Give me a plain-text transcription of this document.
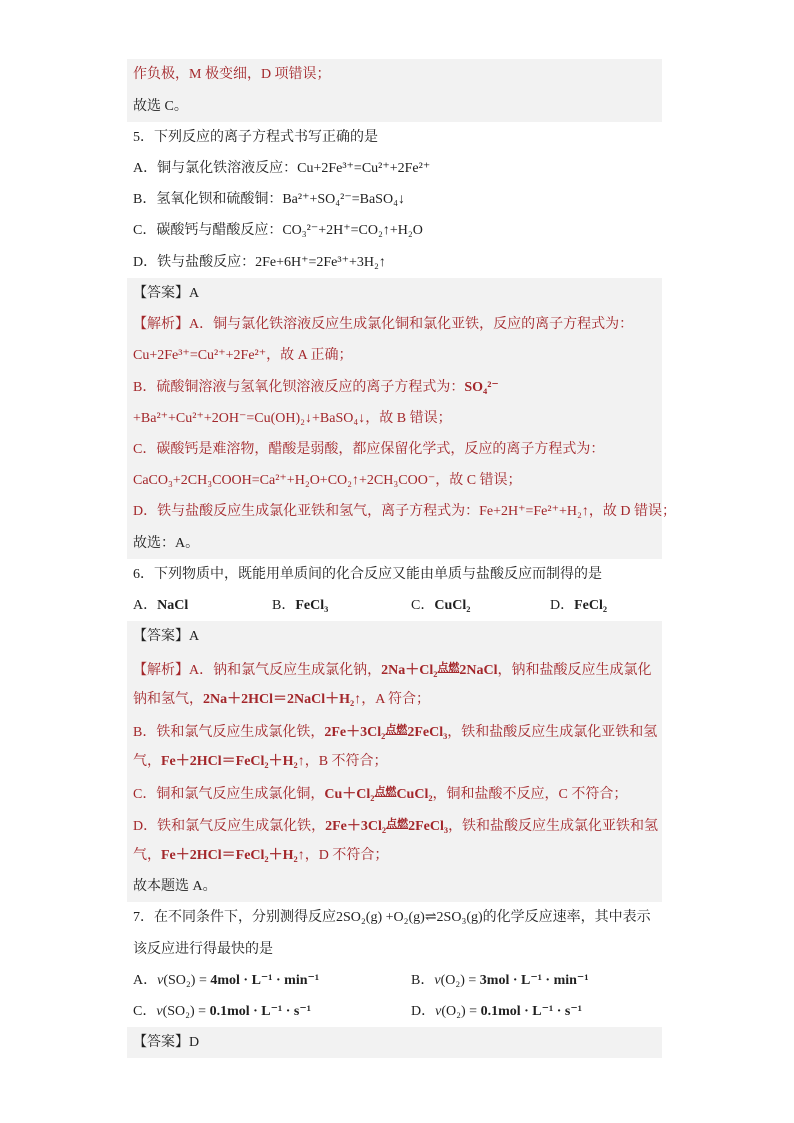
作负极，M 极变细，D 项错误；
故选 C。
5．下列反应的离子方程式书写正确的是
A．铜与氯化铁溶液反应：Cu+2Fe³⁺=Cu²⁺+2Fe²⁺
B．氢氧化钡和硫酸铜：Ba²⁺+SO₄²⁻=BaSO₄↓
C．碳酸钙与醋酸反应：CO₃²⁻+2H⁺=CO₂↑+H₂O
D．铁与盐酸反应：2Fe+6H⁺=2Fe³⁺+3H₂↑
【答案】A
【解析】A．铜与氯化铁溶液反应生成氯化铜和氯化亚铁，反应的离子方程式为：
Cu+2Fe³⁺=Cu²⁺+2Fe²⁺，故 A 正确；
B．硫酸铜溶液与氢氧化钡溶液反应的离子方程式为：SO₄²⁻
+Ba²⁺+Cu²⁺+2OH⁻=Cu(OH)₂↓+BaSO₄↓，故 B 错误；
C．碳酸钙是难溶物，醋酸是弱酸，都应保留化学式，反应的离子方程式为：
CaCO₃+2CH₃COOH=Ca²⁺+H₂O+CO₂↑+2CH₃COO⁻，故 C 错误；
D．铁与盐酸反应生成氯化亚铁和氢气，离子方程式为：Fe+2H⁺=Fe²⁺+H₂↑，故 D 错误；
故选：A。
6．下列物质中，既能用单质间的化合反应又能由单质与盐酸反应而制得的是
A．NaCl	B．FeCl₃	C．CuCl₂	D．FeCl₂
【答案】A
【解析】A．钠和氯气反应生成氯化钠，2Na＋Cl₂$^{点燃}$2NaCl，钠和盐酸反应生成氯化
钠和氢气，2Na＋2HCl＝2NaCl＋H₂↑，A 符合；
B．铁和氯气反应生成氯化铁，2Fe＋3Cl₂$^{点燃}$2FeCl₃，铁和盐酸反应生成氯化亚铁和氢
气，Fe＋2HCl＝FeCl₂＋H₂↑，B 不符合；
C．铜和氯气反应生成氯化铜，Cu＋Cl₂$^{点燃}$CuCl₂，铜和盐酸不反应，C 不符合；
D．铁和氯气反应生成氯化铁，2Fe＋3Cl₂$^{点燃}$2FeCl₃，铁和盐酸反应生成氯化亚铁和氢
气，Fe＋2HCl＝FeCl₂＋H₂↑，D 不符合；
故本题选 A。
7．在不同条件下，分别测得反应2SO₂(g) +O₂(g)⇌2SO₃(g)的化学反应速率，其中表示
该反应进行得最快的是
A．v(SO₂) = 4mol · L⁻¹ · min⁻¹	B．v(O₂) = 3mol · L⁻¹ · min⁻¹
C．v(SO₂) = 0.1mol · L⁻¹ · s⁻¹	D．v(O₂) = 0.1mol · L⁻¹ · s⁻¹
【答案】D
